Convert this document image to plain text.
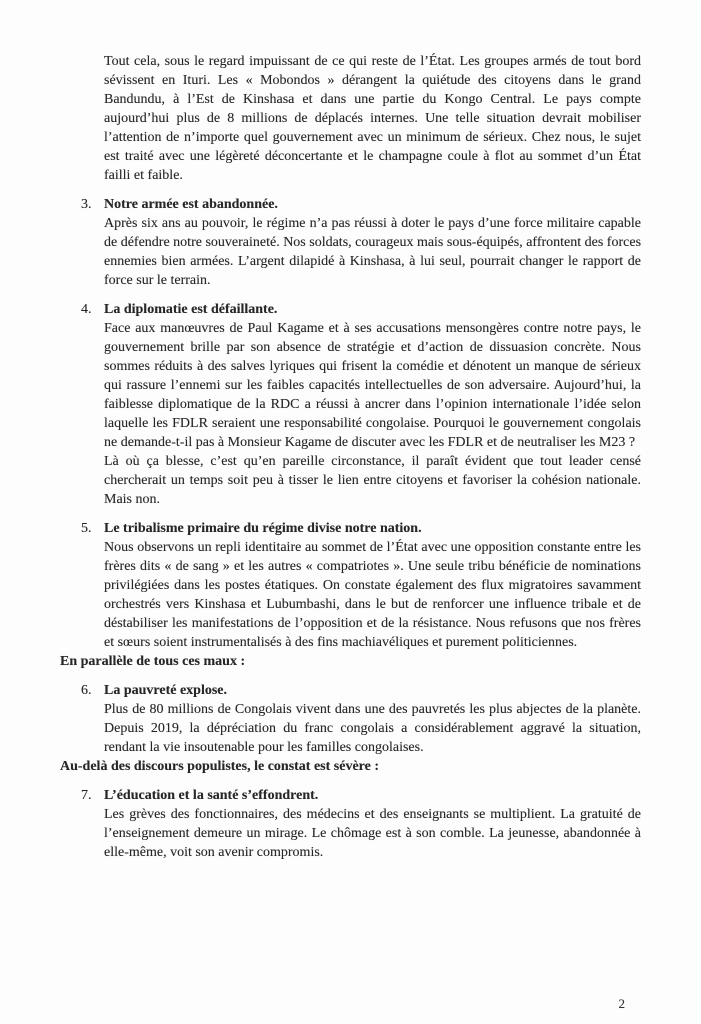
Tout cela, sous le regard impuissant de ce qui reste de l’État. Les groupes armés de tout bord sévissent en Ituri. Les « Mobondos » dérangent la quiétude des citoyens dans le grand Bandundu, à l’Est de Kinshasa et dans une partie du Kongo Central. Le pays compte aujourd’hui plus de 8 millions de déplacés internes. Une telle situation devrait mobiliser l’attention de n’importe quel gouvernement avec un minimum de sérieux. Chez nous, le sujet est traité avec une légèreté déconcertante et le champagne coule à flot au sommet d’un État failli et faible.

3. Notre armée est abandonnée.

Après six ans au pouvoir, le régime n’a pas réussi à doter le pays d’une force militaire capable de défendre notre souveraineté. Nos soldats, courageux mais sous-équipés, affrontent des forces ennemies bien armées. L’argent dilapidé à Kinshasa, à lui seul, pourrait changer le rapport de force sur le terrain.

4. La diplomatie est défaillante.

Face aux manœuvres de Paul Kagame et à ses accusations mensongères contre notre pays, le gouvernement brille par son absence de stratégie et d’action de dissuasion concrète. Nous sommes réduits à des salves lyriques qui frisent la comédie et dénotent un manque de sérieux qui rassure l’ennemi sur les faibles capacités intellectuelles de son adversaire. Aujourd’hui, la faiblesse diplomatique de la RDC a réussi à ancrer dans l’opinion internationale l’idée selon laquelle les FDLR seraient une responsabilité congolaise. Pourquoi le gouvernement congolais ne demande-t-il pas à Monsieur Kagame de discuter avec les FDLR et de neutraliser les M23 ?

Là où ça blesse, c’est qu’en pareille circonstance, il paraît évident que tout leader censé chercherait un temps soit peu à tisser le lien entre citoyens et favoriser la cohésion nationale. Mais non.

5. Le tribalisme primaire du régime divise notre nation.

Nous observons un repli identitaire au sommet de l’État avec une opposition constante entre les frères dits « de sang » et les autres « compatriotes ». Une seule tribu bénéficie de nominations privilégiées dans les postes étatiques. On constate également des flux migratoires savamment orchestrés vers Kinshasa et Lubumbashi, dans le but de renforcer une influence tribale et de déstabiliser les manifestations de l’opposition et de la résistance. Nous refusons que nos frères et sœurs soient instrumentalisés à des fins machiavéliques et purement politiciennes.

En parallèle de tous ces maux :

6. La pauvreté explose.

Plus de 80 millions de Congolais vivent dans une des pauvretés les plus abjectes de la planète. Depuis 2019, la dépréciation du franc congolais a considérablement aggravé la situation, rendant la vie insoutenable pour les familles congolaises.

Au-delà des discours populistes, le constat est sévère :

7. L’éducation et la santé s’effondrent.

Les grèves des fonctionnaires, des médecins et des enseignants se multiplient. La gratuité de l’enseignement demeure un mirage. Le chômage est à son comble. La jeunesse, abandonnée à elle-même, voit son avenir compromis.

2
